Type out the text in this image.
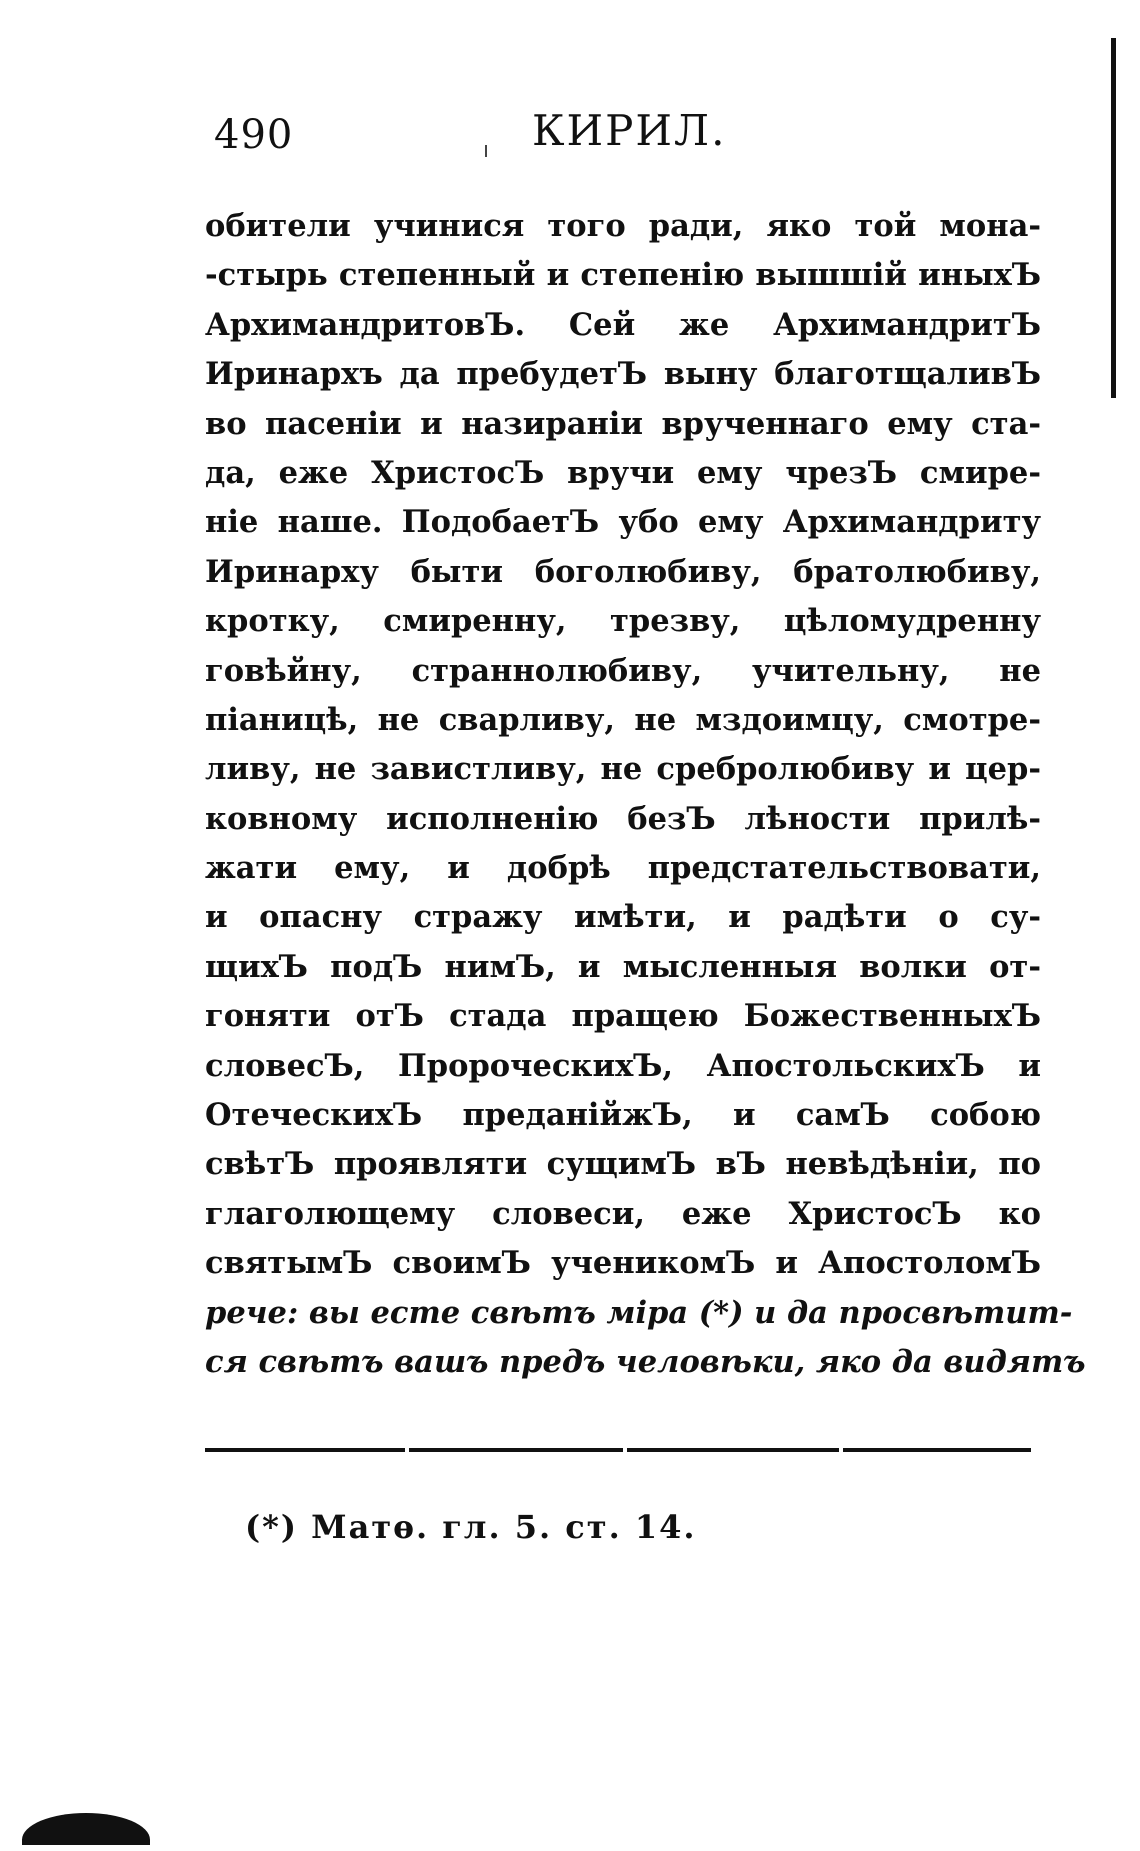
490	КИРИЛ.
обители учинися того ради, яко той мона-
-стырь степенный и степенiю вышшiй иныхЪ
АрхимандритовЪ. Сей же АрхимандритЪ
Иринархъ да пребудетЪ выну благотщаливЪ
во пасенiи и назиранiи врученнаго ему ста-
да, еже ХристосЪ вручи ему чрезЪ смире-
нiе наше. ПодобаетЪ убо ему Архимандриту
Иринарху быти боголюбиву, братолюбиву,
кротку, смиренну, трезву, цѣломудренну
говѣйну, страннолюбиву, учительну, не
пiаницѣ, не сварливу, не мздоимцу, смотре-
ливу, не завистливу, не сребролюбиву и цер-
ковному исполненiю безЪ лѣности прилѣ-
жати ему, и добрѣ предстательствовати,
и опасну стражу имѣти, и радѣти о су-
щихЪ подЪ нимЪ, и мысленныя волки от-
гоняти отЪ стада пращею БожественныхЪ
словесЪ, ПророческихЪ, АпостольскихЪ и
ОтеческихЪ преданiйжЪ, и самЪ собою
свѣтЪ проявляти сущимЪ вЪ невѣдѣнiи, по
глаголющему словеси, еже ХристосЪ ко
святымЪ своимЪ ученикомЪ и АпостоломЪ
рече: вы есте свѣтъ мiра (*) и да просвѣтит-
ся свѣтъ вашъ предъ человѣки, яко да видятъ
(*) Матѳ. гл. 5. ст. 14.
